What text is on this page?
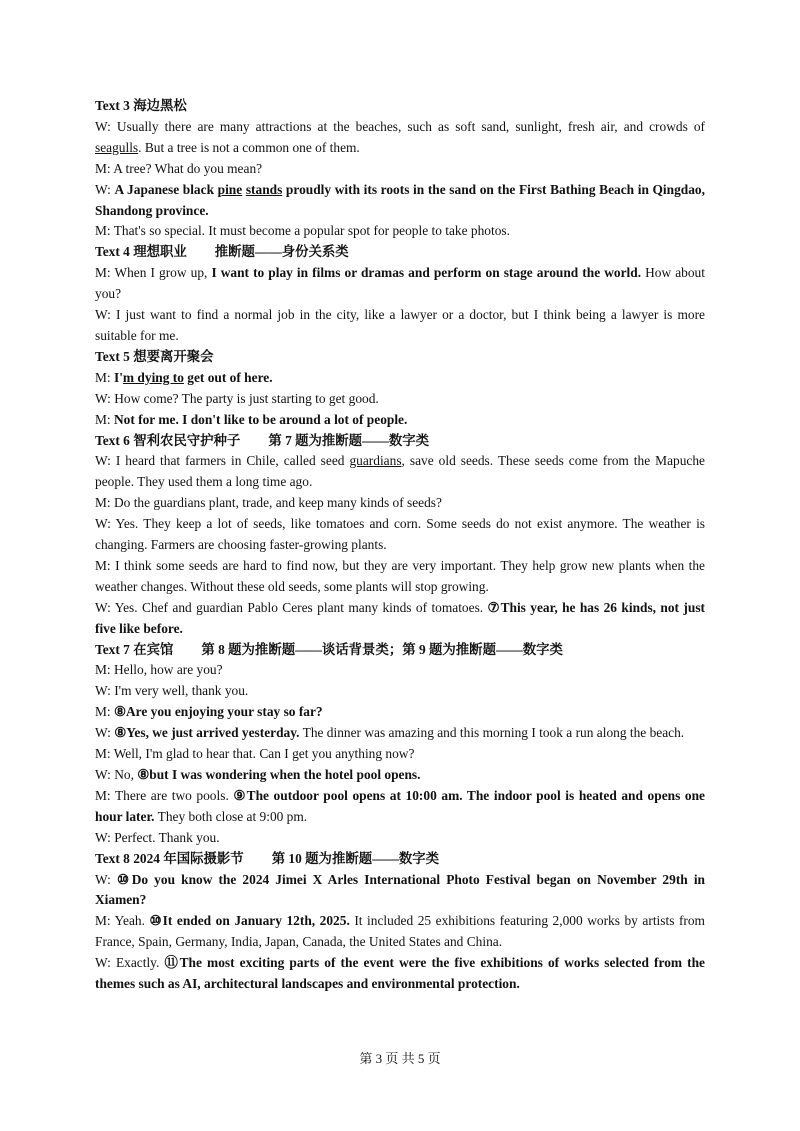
Text 3 海边黑松

W: Usually there are many attractions at the beaches, such as soft sand, sunlight, fresh air, and crowds of seagulls. But a tree is not a common one of them.

M: A tree? What do you mean?

W: A Japanese black pine stands proudly with its roots in the sand on the First Bathing Beach in Qingdao, Shandong province.

M: That's so special. It must become a popular spot for people to take photos.

Text 4 理想职业 推断题——身份关系类

M: When I grow up, I want to play in films or dramas and perform on stage around the world. How about you?

W: I just want to find a normal job in the city, like a lawyer or a doctor, but I think being a lawyer is more suitable for me.

Text 5 想要离开聚会

M: I'm dying to get out of here.

W: How come? The party is just starting to get good.

M: Not for me. I don't like to be around a lot of people.

Text 6 智利农民守护种子 第 7 题为推断题——数字类

W: I heard that farmers in Chile, called seed guardians, save old seeds. These seeds come from the Mapuche people. They used them a long time ago.

M: Do the guardians plant, trade, and keep many kinds of seeds?

W: Yes. They keep a lot of seeds, like tomatoes and corn. Some seeds do not exist anymore. The weather is changing. Farmers are choosing faster-growing plants.

M: I think some seeds are hard to find now, but they are very important. They help grow new plants when the weather changes. Without these old seeds, some plants will stop growing.

W: Yes. Chef and guardian Pablo Ceres plant many kinds of tomatoes. ⑦This year, he has 26 kinds, not just five like before.

Text 7 在宾馆 第 8 题为推断题——谈话背景类；第 9 题为推断题——数字类

M: Hello, how are you?

W: I'm very well, thank you.

M: ⑧Are you enjoying your stay so far?

W: ⑧Yes, we just arrived yesterday. The dinner was amazing and this morning I took a run along the beach.

M: Well, I'm glad to hear that. Can I get you anything now?

W: No, ⑧but I was wondering when the hotel pool opens.

M: There are two pools. ⑨The outdoor pool opens at 10:00 am. The indoor pool is heated and opens one hour later. They both close at 9:00 pm.

W: Perfect. Thank you.

Text 8 2024 年国际摄影节 第 10 题为推断题——数字类

W: ⑩Do you know the 2024 Jimei X Arles International Photo Festival began on November 29th in Xiamen?

M: Yeah. ⑩It ended on January 12th, 2025. It included 25 exhibitions featuring 2,000 works by artists from France, Spain, Germany, India, Japan, Canada, the United States and China.

W: Exactly. ⑪The most exciting parts of the event were the five exhibitions of works selected from the themes such as AI, architectural landscapes and environmental protection.

第 3 页 共 5 页
